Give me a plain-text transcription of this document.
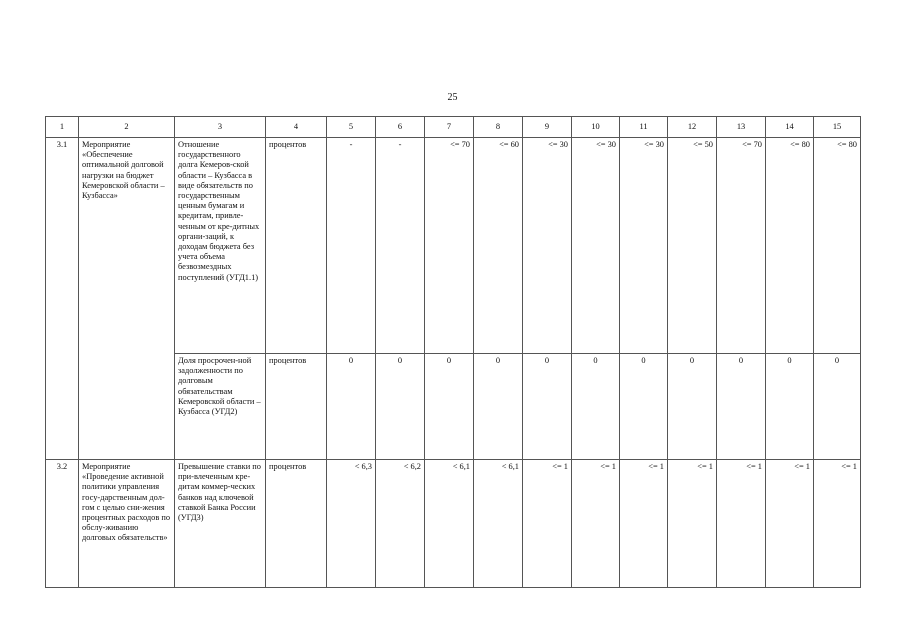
25
1	2	3	4	5	6	7	8	9	10	11	12	13	14	15
3.1	Мероприятие «Обеспечение оптимальной долговой нагрузки на бюджет Кемеровской области – Кузбасса»	Отношение государственного долга Кемеров-ской области – Кузбасса в виде обязательств по государственным ценным бумагам и кредитам, привле-ченным от кре-дитных органи-заций, к доходам бюджета без учета объема безвозмездных поступлений (УГД1.1)	процентов	-	-	<= 70	<= 60	<= 30	<= 30	<= 30	<= 50	<= 70	<= 80	<= 80
		Доля просрочен-ной задолженности по долговым обязательствам Кемеровской области – Кузбасса (УГД2)	процентов	0	0	0	0	0	0	0	0	0	0	0
3.2	Мероприятие «Проведение активной политики управления госу-дарственным дол-гом с целью сни-жения процентных расходов по обслу-живанию долговых обязательств»	Превышение ставки по при-влеченным кре-дитам коммер-ческих банков над ключевой ставкой Банка России (УГД3)	процентов	< 6,3	< 6,2	< 6,1	< 6,1	<= 1	<= 1	<= 1	<= 1	<= 1	<= 1	<= 1
